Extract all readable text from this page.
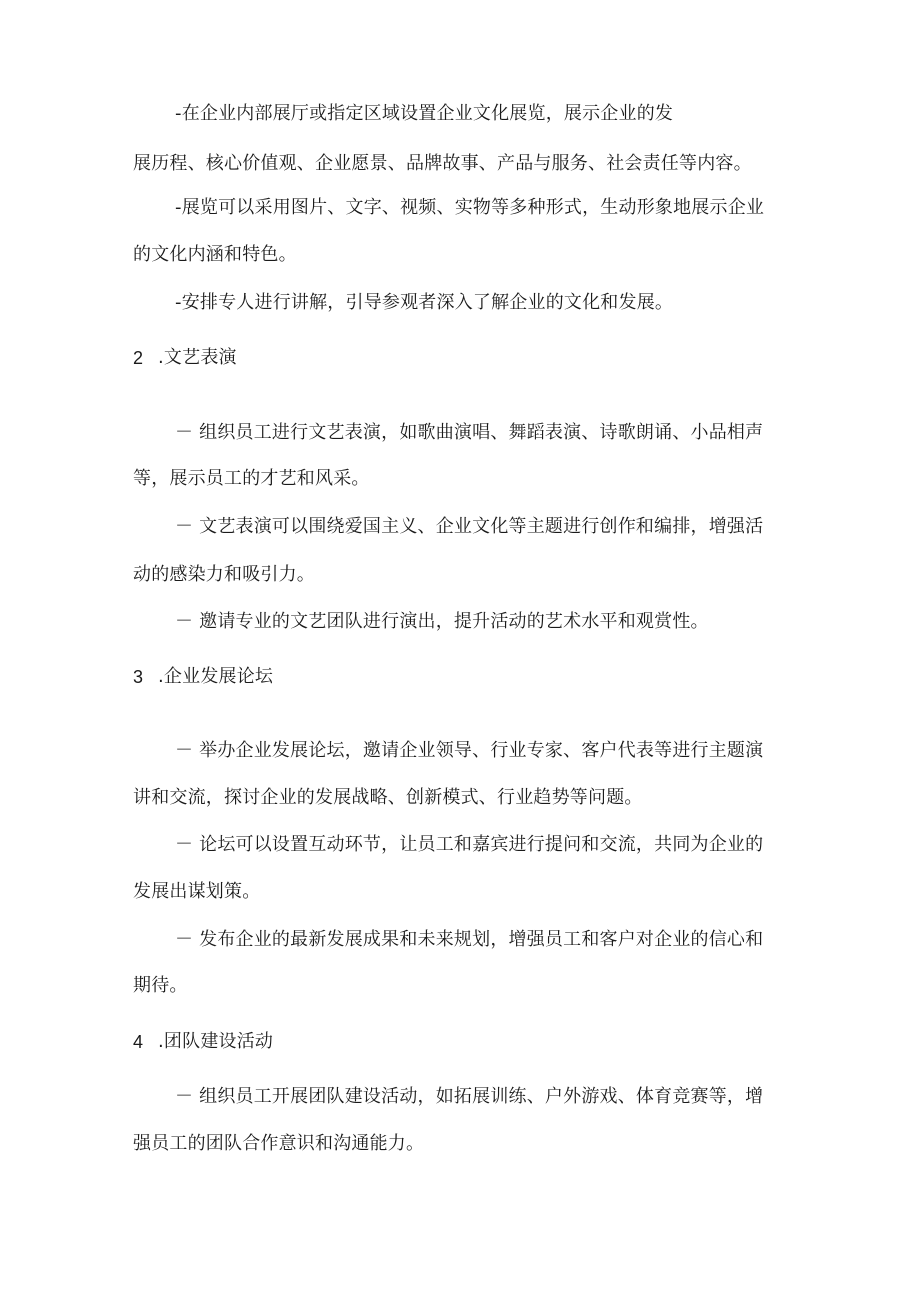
-在企业内部展厅或指定区域设置企业文化展览，展示企业的发

展历程、核心价值观、企业愿景、品牌故事、产品与服务、社会责任等内容。

-展览可以采用图片、文字、视频、实物等多种形式，生动形象地展示企业

的文化内涵和特色。

-安排专人进行讲解，引导参观者深入了解企业的文化和发展。

2 .文艺表演

－ 组织员工进行文艺表演，如歌曲演唱、舞蹈表演、诗歌朗诵、小品相声

等，展示员工的才艺和风采。

－ 文艺表演可以围绕爱国主义、企业文化等主题进行创作和编排，增强活

动的感染力和吸引力。

－ 邀请专业的文艺团队进行演出，提升活动的艺术水平和观赏性。

3 .企业发展论坛

－ 举办企业发展论坛，邀请企业领导、行业专家、客户代表等进行主题演

讲和交流，探讨企业的发展战略、创新模式、行业趋势等问题。

－ 论坛可以设置互动环节，让员工和嘉宾进行提问和交流，共同为企业的

发展出谋划策。

－ 发布企业的最新发展成果和未来规划，增强员工和客户对企业的信心和

期待。

4 .团队建设活动

－ 组织员工开展团队建设活动，如拓展训练、户外游戏、体育竞赛等，增

强员工的团队合作意识和沟通能力。
